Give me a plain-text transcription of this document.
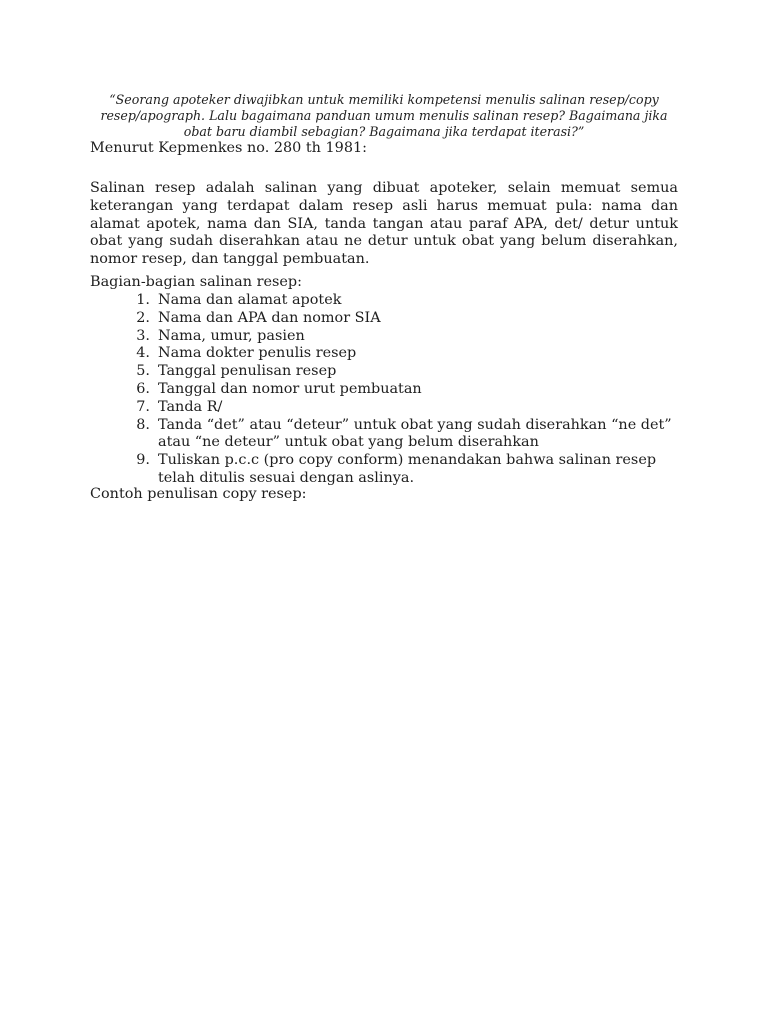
“Seorang apoteker diwajibkan untuk memiliki kompetensi menulis salinan resep/copy resep/apograph. Lalu bagaimana panduan umum menulis salinan resep? Bagaimana jika obat baru diambil sebagian? Bagaimana jika terdapat iterasi?”

Menurut Kepmenkes no. 280 th 1981:

Salinan resep adalah salinan yang dibuat apoteker, selain memuat semua keterangan yang terdapat dalam resep asli harus memuat pula: nama dan alamat apotek, nama dan SIA, tanda tangan atau paraf APA, det/ detur untuk obat yang sudah diserahkan atau ne detur untuk obat yang belum diserahkan, nomor resep, dan tanggal pembuatan.

Bagian-bagian salinan resep:

1. Nama dan alamat apotek
2. Nama dan APA dan nomor SIA
3. Nama, umur, pasien
4. Nama dokter penulis resep
5. Tanggal penulisan resep
6. Tanggal dan nomor urut pembuatan
7. Tanda R/
8. Tanda “det” atau “deteur” untuk obat yang sudah diserahkan “ne det” atau “ne deteur” untuk obat yang belum diserahkan
9. Tuliskan p.c.c (pro copy conform) menandakan bahwa salinan resep telah ditulis sesuai dengan aslinya.

Contoh penulisan copy resep:
